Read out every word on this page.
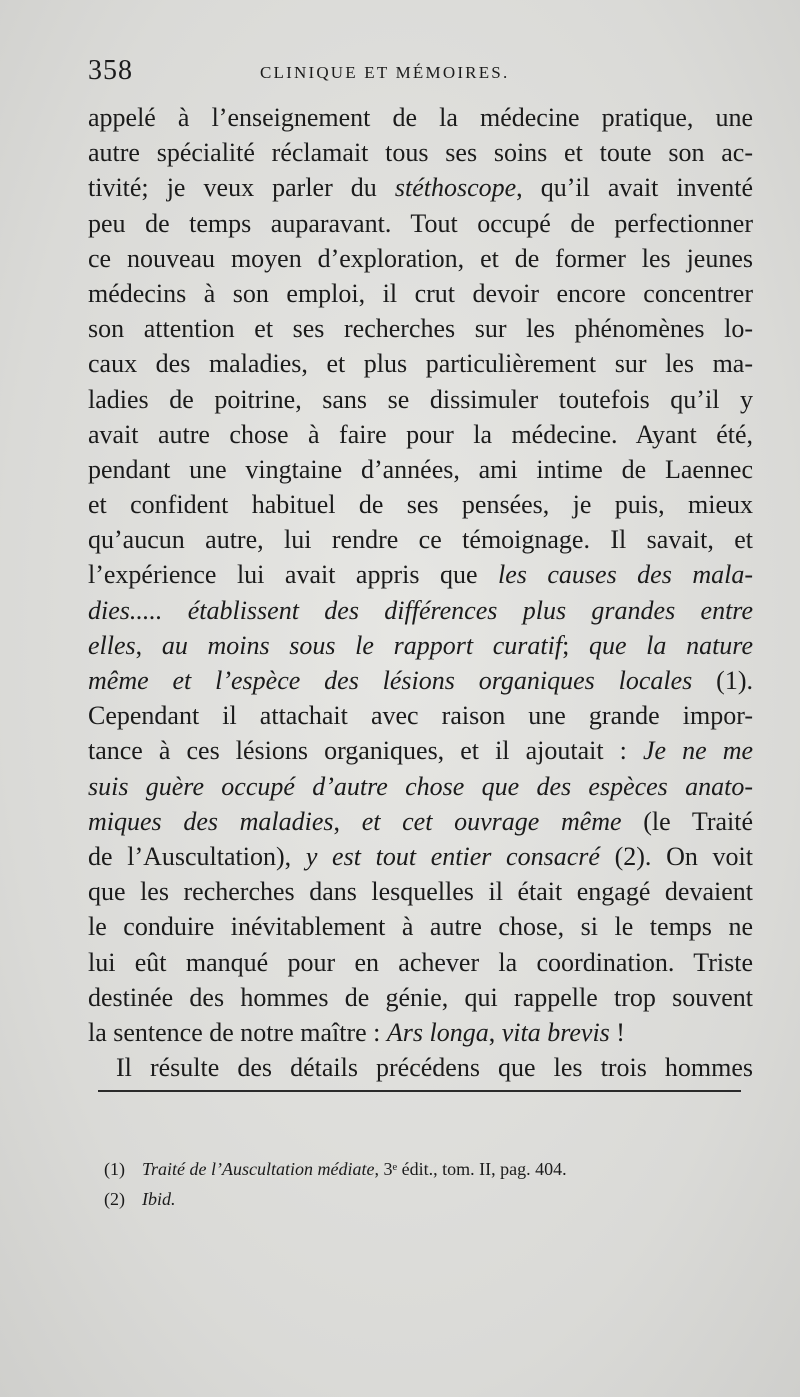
358	CLINIQUE ET MÉMOIRES.
appelé à l’enseignement de la médecine pratique, une
autre spécialité réclamait tous ses soins et toute son ac-
tivité; je veux parler du stéthoscope, qu’il avait inventé
peu de temps auparavant. Tout occupé de perfectionner
ce nouveau moyen d’exploration, et de former les jeunes
médecins à son emploi, il crut devoir encore concentrer
son attention et ses recherches sur les phénomènes lo-
caux des maladies, et plus particulièrement sur les ma-
ladies de poitrine, sans se dissimuler toutefois qu’il y
avait autre chose à faire pour la médecine. Ayant été,
pendant une vingtaine d’années, ami intime de Laennec
et confident habituel de ses pensées, je puis, mieux
qu’aucun autre, lui rendre ce témoignage. Il savait, et
l’expérience lui avait appris que les causes des mala-
dies..... établissent des différences plus grandes entre
elles, au moins sous le rapport curatif; que la nature
même et l’espèce des lésions organiques locales (1).
Cependant il attachait avec raison une grande impor-
tance à ces lésions organiques, et il ajoutait : Je ne me
suis guère occupé d’autre chose que des espèces anato-
miques des maladies, et cet ouvrage même (le Traité
de l’Auscultation), y est tout entier consacré (2). On voit
que les recherches dans lesquelles il était engagé devaient
le conduire inévitablement à autre chose, si le temps ne
lui eût manqué pour en achever la coordination. Triste
destinée des hommes de génie, qui rappelle trop souvent
la sentence de notre maître : Ars longa, vita brevis !
Il résulte des détails précédens que les trois hommes
(1) Traité de l’Auscultation médiate, 3ᵉ édit., tom. II, pag. 404.
(2) Ibid.
